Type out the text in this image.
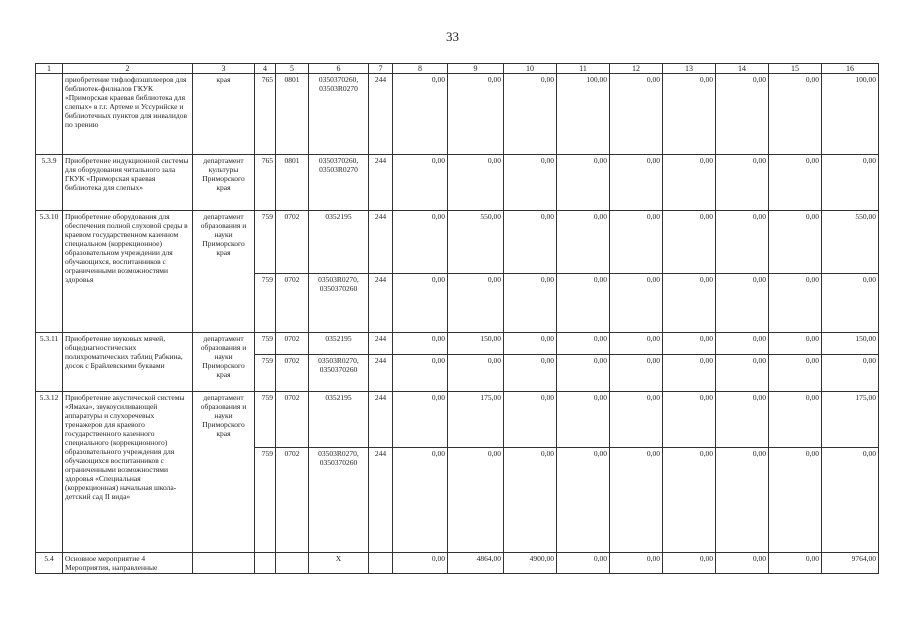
33
1	2	3	4	5	6	7	8	9	10	11	12	13	14	15	16
	приобретение тифлофлэшплееров для библиотек-филиалов ГКУК «Приморская краевая библиотека для слепых» в г.г. Артеме и Уссурийске и библиотечных пунктов для инвалидов по зрению	края	765	0801	0350370260, 03503R0270	244	0,00	0,00	0,00	100,00	0,00	0,00	0,00	0,00	100,00
5.3.9	Приобретение индукционной системы для оборудования читального зала ГКУК «Приморская краевая библиотека для слепых»	департамент культуры Приморского края	765	0801	0350370260, 03503R0270	244	0,00	0,00	0,00	0,00	0,00	0,00	0,00	0,00	0,00
5.3.10	Приобретение оборудования для обеспечения полной слуховой среды в краевом государственном казенном специальном (коррекционное) образовательном учреждении для обучающихся, воспитанников с ограниченными возможностями здоровья	департамент образования и науки Приморского края	759	0702	0352195	244	0,00	550,00	0,00	0,00	0,00	0,00	0,00	0,00	550,00
			759	0702	03503R0270, 0350370260	244	0,00	0,00	0,00	0,00	0,00	0,00	0,00	0,00	0,00
5.3.11	Приобретение звуковых мячей, общедиагностических полихроматических таблиц Рабкина, досок с Брайлевскими буквами	департамент образования и науки Приморского края	759	0702	0352195	244	0,00	150,00	0,00	0,00	0,00	0,00	0,00	0,00	150,00
			759	0702	03503R0270, 0350370260	244	0,00	0,00	0,00	0,00	0,00	0,00	0,00	0,00	0,00
5.3.12	Приобретение акустической системы «Ямаха», звукоусиливающей аппаратуры и слухоречевых тренажеров для краевого государственного казенного специального (коррекционного) образовательного учреждения для обучающихся воспитанников с ограниченными возможностями здоровья «Специальная (коррекционная) начальная школа-детский сад II вида»	департамент образования и науки Приморского края	759	0702	0352195	244	0,00	175,00	0,00	0,00	0,00	0,00	0,00	0,00	175,00
			759	0702	03503R0270, 0350370260	244	0,00	0,00	0,00	0,00	0,00	0,00	0,00	0,00	0,00
5.4	Основное мероприятие 4 Мероприятия, направленные				X		0,00	4864,00	4900,00	0,00	0,00	0,00	0,00	0,00	9764,00
